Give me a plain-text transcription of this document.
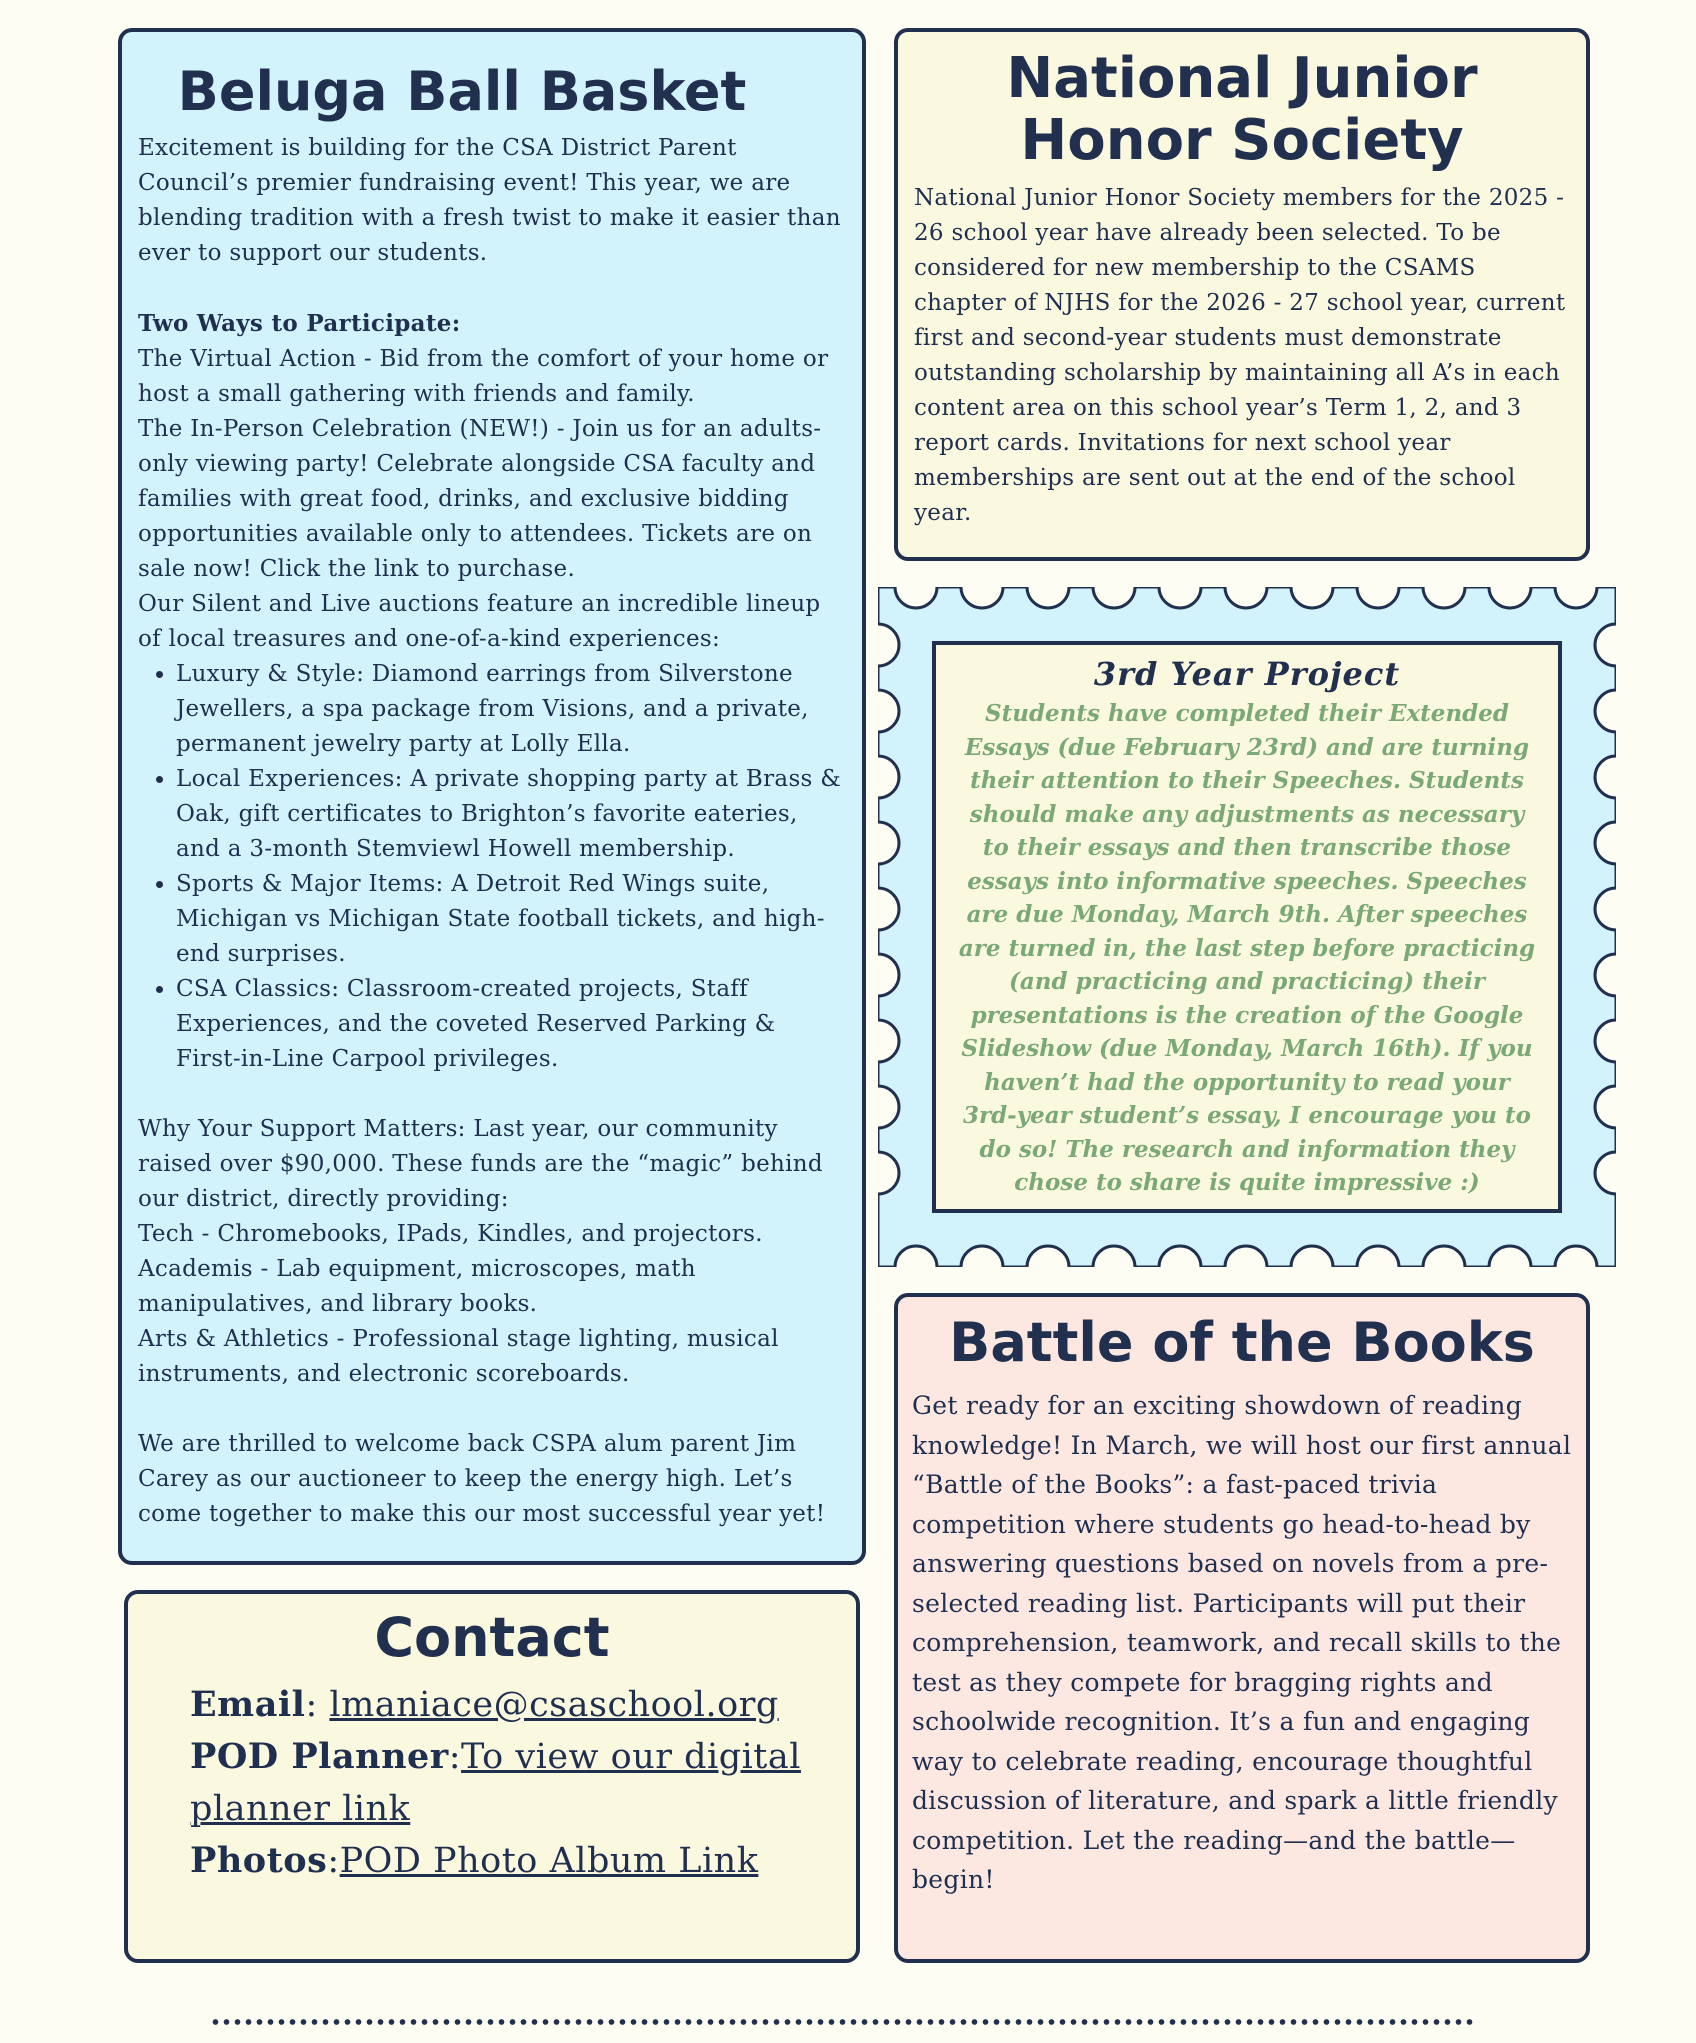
Beluga Ball Basket

Excitement is building for the CSA District Parent Council’s premier fundraising event! This year, we are blending tradition with a fresh twist to make it easier than ever to support our students.

Two Ways to Participate:

The Virtual Action - Bid from the comfort of your home or host a small gathering with friends and family.

The In-Person Celebration (NEW!) - Join us for an adults-only viewing party! Celebrate alongside CSA faculty and families with great food, drinks, and exclusive bidding opportunities available only to attendees. Tickets are on sale now! Click the link to purchase.

Our Silent and Live auctions feature an incredible lineup of local treasures and one-of-a-kind experiences:

• Luxury & Style: Diamond earrings from Silverstone Jewellers, a spa package from Visions, and a private, permanent jewelry party at Lolly Ella.
• Local Experiences: A private shopping party at Brass & Oak, gift certificates to Brighton’s favorite eateries, and a 3-month Stemviewl Howell membership.
• Sports & Major Items: A Detroit Red Wings suite, Michigan vs Michigan State football tickets, and high-end surprises.
• CSA Classics: Classroom-created projects, Staff Experiences, and the coveted Reserved Parking & First-in-Line Carpool privileges.

Why Your Support Matters: Last year, our community raised over $90,000. These funds are the “magic” behind our district, directly providing:

Tech - Chromebooks, IPads, Kindles, and projectors.

Academis - Lab equipment, microscopes, math manipulatives, and library books.

Arts & Athletics - Professional stage lighting, musical instruments, and electronic scoreboards.

We are thrilled to welcome back CSPA alum parent Jim Carey as our auctioneer to keep the energy high. Let’s come together to make this our most successful year yet!

National Junior Honor Society

National Junior Honor Society members for the 2025 - 26 school year have already been selected. To be considered for new membership to the CSAMS chapter of NJHS for the 2026 - 27 school year, current first and second-year students must demonstrate outstanding scholarship by maintaining all A’s in each content area on this school year’s Term 1, 2, and 3 report cards. Invitations for next school year memberships are sent out at the end of the school year.

3rd Year Project

Students have completed their Extended Essays (due February 23rd) and are turning their attention to their Speeches. Students should make any adjustments as necessary to their essays and then transcribe those essays into informative speeches. Speeches are due Monday, March 9th. After speeches are turned in, the last step before practicing (and practicing and practicing) their presentations is the creation of the Google Slideshow (due Monday, March 16th). If you haven’t had the opportunity to read your 3rd-year student’s essay, I encourage you to do so! The research and information they chose to share is quite impressive :)

Battle of the Books

Get ready for an exciting showdown of reading knowledge! In March, we will host our first annual “Battle of the Books”: a fast-paced trivia competition where students go head-to-head by answering questions based on novels from a pre-selected reading list. Participants will put their comprehension, teamwork, and recall skills to the test as they compete for bragging rights and schoolwide recognition. It’s a fun and engaging way to celebrate reading, encourage thoughtful discussion of literature, and spark a little friendly competition. Let the reading—and the battle—begin!

Contact

Email: lmaniace@csaschool.org

POD Planner:To view our digital planner link

Photos:POD Photo Album Link
